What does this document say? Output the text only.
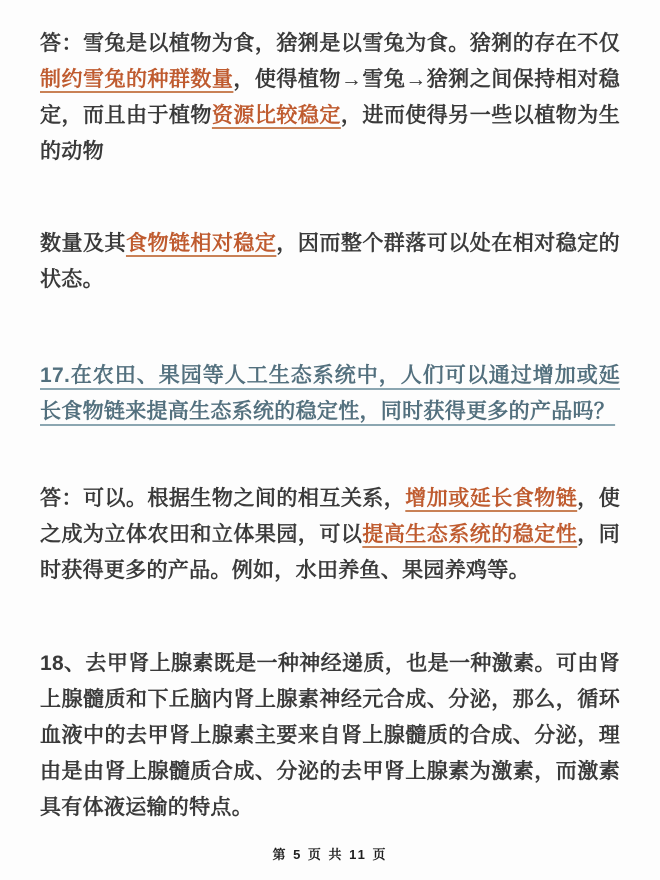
答：雪兔是以植物为食，猞猁是以雪兔为食。猞猁的存在不仅制约雪兔的种群数量，使得植物→雪兔→猞猁之间保持相对稳定，而且由于植物资源比较稳定，进而使得另一些以植物为生的动物

数量及其食物链相对稳定，因而整个群落可以处在相对稳定的状态。

17.在农田、果园等人工生态系统中，人们可以通过增加或延长食物链来提高生态系统的稳定性，同时获得更多的产品吗？

答：可以。根据生物之间的相互关系，增加或延长食物链，使之成为立体农田和立体果园，可以提高生态系统的稳定性，同时获得更多的产品。例如，水田养鱼、果园养鸡等。

18、去甲肾上腺素既是一种神经递质，也是一种激素。可由肾上腺髓质和下丘脑内肾上腺素神经元合成、分泌，那么，循环血液中的去甲肾上腺素主要来自肾上腺髓质的合成、分泌，理由是由肾上腺髓质合成、分泌的去甲肾上腺素为激素，而激素具有体液运输的特点。

第 5 页 共 11 页
